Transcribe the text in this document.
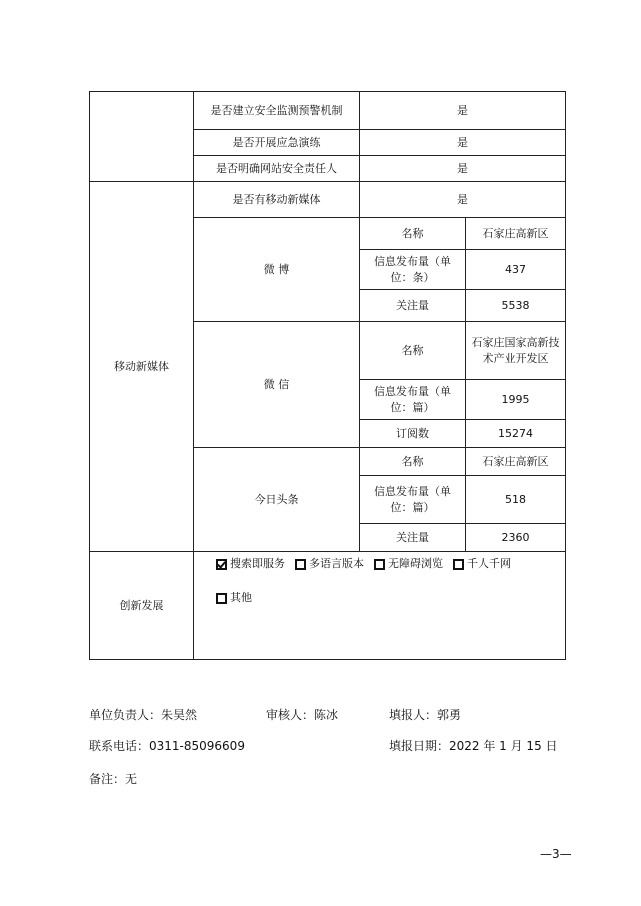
	是否建立安全监测预警机制	是	
	是否开展应急演练	是	
	是否明确网站安全责任人	是	
移动新媒体	是否有移动新媒体	是	
	微 博	名称	石家庄高新区
		信息发布量（单位：条）	437
		关注量	5538
	微 信	名称	石家庄国家高新技术产业开发区
		信息发布量（单位：篇）	1995
		订阅数	15274
	今日头条	名称	石家庄高新区
		信息发布量（单位：篇）	518
		关注量	2360
创新发展	搜索即服务 多语言版本 无障碍浏览 千人千网

其他		
单位负责人：朱昊然	审核人：陈冰	填报人：郭勇
联系电话：0311-85096609	填报日期：2022 年 1 月 15 日
备注：无
—3—
